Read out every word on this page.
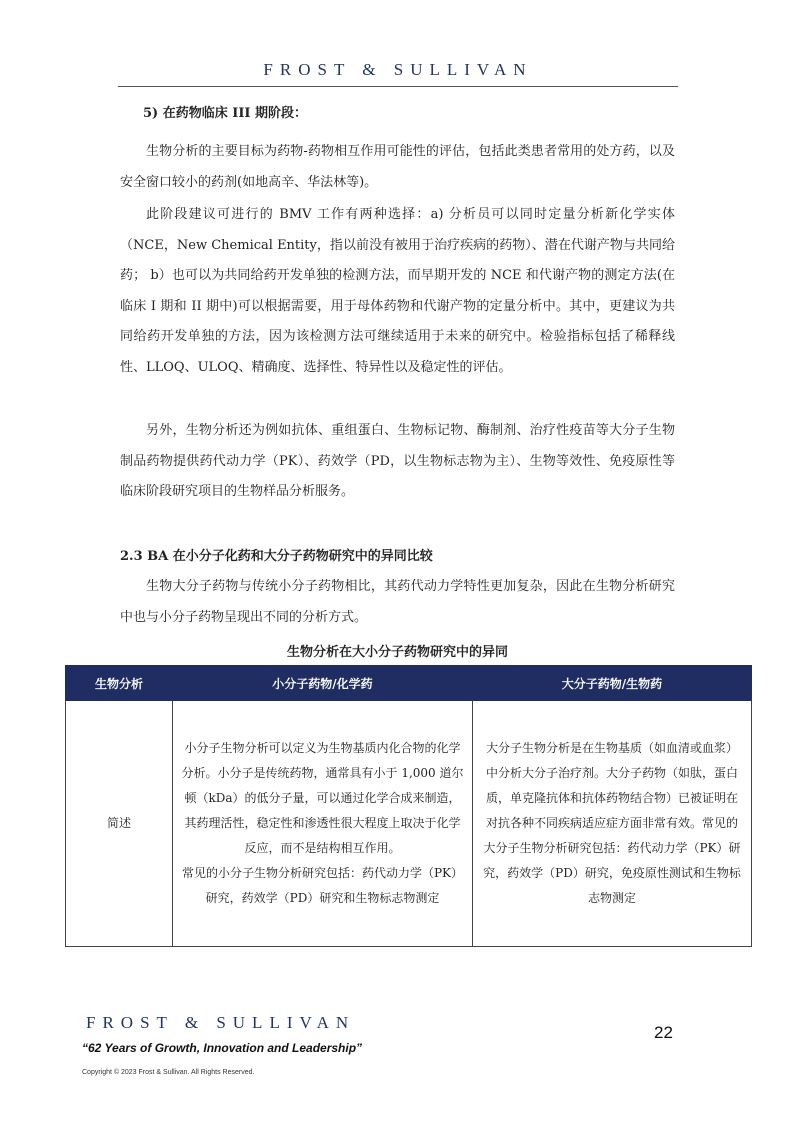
FROST & SULLIVAN
5) 在药物临床 III 期阶段：

生物分析的主要目标为药物-药物相互作用可能性的评估，包括此类患者常用的处方药，以及安全窗口较小的药剂(如地高辛、华法林等)。

此阶段建议可进行的 BMV 工作有两种选择：a) 分析员可以同时定量分析新化学实体（NCE，New Chemical Entity，指以前没有被用于治疗疾病的药物）、潜在代谢产物与共同给药； b）也可以为共同给药开发单独的检测方法，而早期开发的 NCE 和代谢产物的测定方法(在临床 I 期和 II 期中)可以根据需要，用于母体药物和代谢产物的定量分析中。其中，更建议为共同给药开发单独的方法，因为该检测方法可继续适用于未来的研究中。检验指标包括了稀释线性、LLOQ、ULOQ、精确度、选择性、特异性以及稳定性的评估。

另外，生物分析还为例如抗体、重组蛋白、生物标记物、酶制剂、治疗性疫苗等大分子生物制品药物提供药代动力学（PK）、药效学（PD，以生物标志物为主）、生物等效性、免疫原性等临床阶段研究项目的生物样品分析服务。

2.3 BA 在小分子化药和大分子药物研究中的异同比较

生物大分子药物与传统小分子药物相比，其药代动力学特性更加复杂，因此在生物分析研究中也与小分子药物呈现出不同的分析方式。

生物分析在大小分子药物研究中的异同
生物分析	小分子药物/化学药	大分子药物/生物药
简述	小分子生物分析可以定义为生物基质内化合物的化学分析。小分子是传统药物，通常具有小于 1,000 道尔顿（kDa）的低分子量，可以通过化学合成来制造，其药理活性，稳定性和渗透性很大程度上取决于化学反应，而不是结构相互作用。
常见的小分子生物分析研究包括：药代动力学（PK）研究，药效学（PD）研究和生物标志物测定	大分子生物分析是在生物基质（如血清或血浆）中分析大分子治疗剂。大分子药物（如肽，蛋白质，单克隆抗体和抗体药物结合物）已被证明在对抗各种不同疾病适应症方面非常有效。常见的大分子生物分析研究包括：药代动力学（PK）研究，药效学（PD）研究，免疫原性测试和生物标志物测定
FROST & SULLIVAN
“62 Years of Growth, Innovation and Leadership”
Copyright © 2023 Frost & Sullivan. All Rights Reserved.
22
